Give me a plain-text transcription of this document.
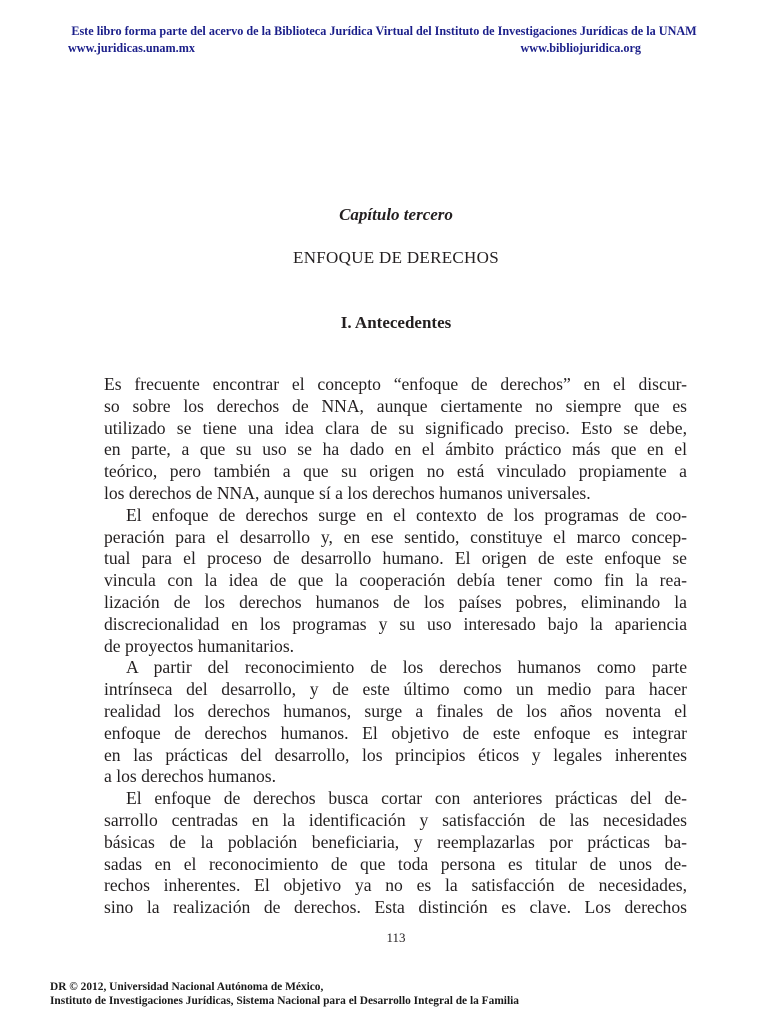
Este libro forma parte del acervo de la Biblioteca Jurídica Virtual del Instituto de Investigaciones Jurídicas de la UNAM
www.juridicas.unam.mx	www.bibliojuridica.org
Capítulo tercero
ENFOQUE DE DERECHOS
I. Antecedentes
Es frecuente encontrar el concepto “enfoque de derechos” en el discur-
so sobre los derechos de NNA, aunque ciertamente no siempre que es
utilizado se tiene una idea clara de su significado preciso. Esto se debe,
en parte, a que su uso se ha dado en el ámbito práctico más que en el
teórico, pero también a que su origen no está vinculado propiamente a
los derechos de NNA, aunque sí a los derechos humanos universales.
El enfoque de derechos surge en el contexto de los programas de coo-
peración para el desarrollo y, en ese sentido, constituye el marco concep-
tual para el proceso de desarrollo humano. El origen de este enfoque se
vincula con la idea de que la cooperación debía tener como fin la rea-
lización de los derechos humanos de los países pobres, eliminando la
discrecionalidad en los programas y su uso interesado bajo la apariencia
de proyectos humanitarios.
A partir del reconocimiento de los derechos humanos como parte
intrínseca del desarrollo, y de este último como un medio para hacer
realidad los derechos humanos, surge a finales de los años noventa el
enfoque de derechos humanos. El objetivo de este enfoque es integrar
en las prácticas del desarrollo, los principios éticos y legales inherentes
a los derechos humanos.
El enfoque de derechos busca cortar con anteriores prácticas del de-
sarrollo centradas en la identificación y satisfacción de las necesidades
básicas de la población beneficiaria, y reemplazarlas por prácticas ba-
sadas en el reconocimiento de que toda persona es titular de unos de-
rechos inherentes. El objetivo ya no es la satisfacción de necesidades,
sino la realización de derechos. Esta distinción es clave. Los derechos
113
DR © 2012, Universidad Nacional Autónoma de México,
Instituto de Investigaciones Jurídicas, Sistema Nacional para el Desarrollo Integral de la Familia
